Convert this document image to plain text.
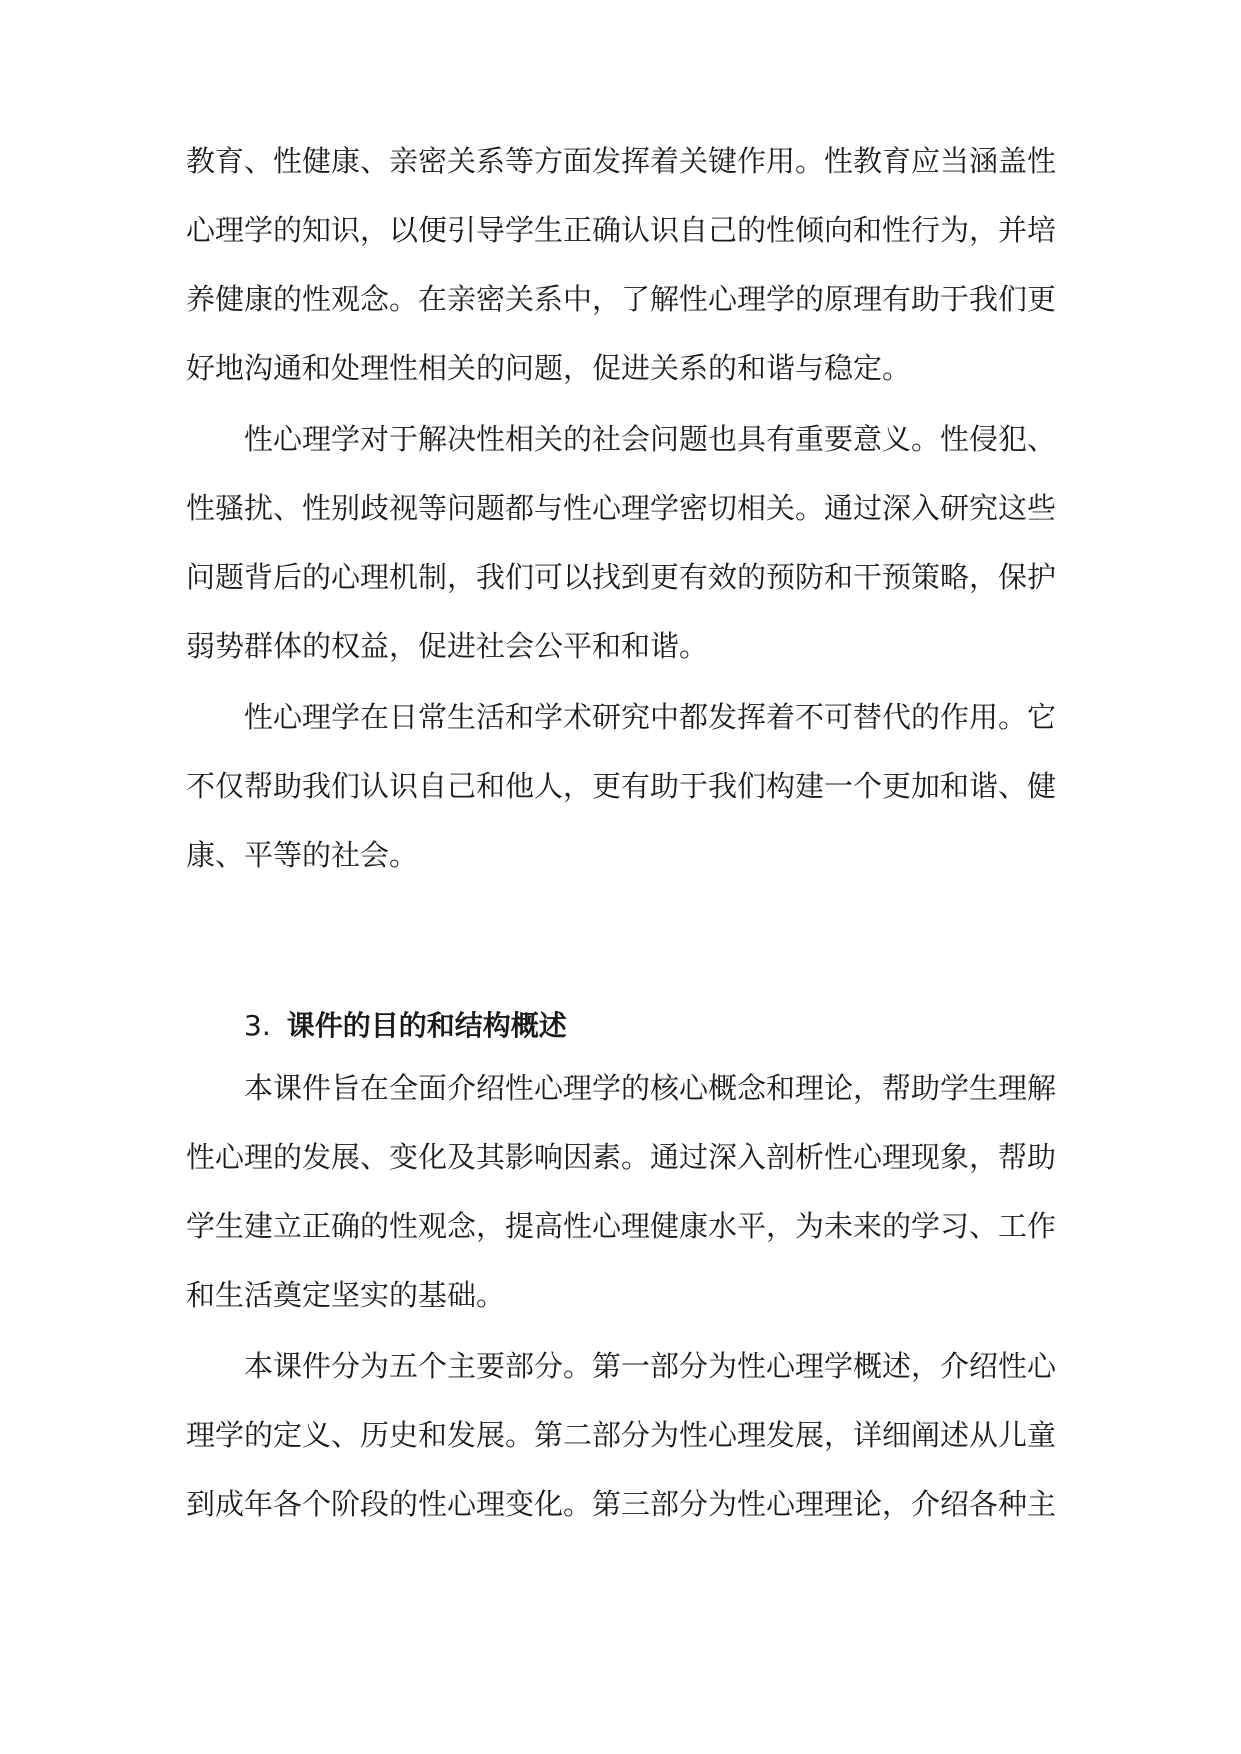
教育、性健康、亲密关系等方面发挥着关键作用。性教育应当涵盖性
心理学的知识，以便引导学生正确认识自己的性倾向和性行为，并培
养健康的性观念。在亲密关系中，了解性心理学的原理有助于我们更
好地沟通和处理性相关的问题，促进关系的和谐与稳定。
　　性心理学对于解决性相关的社会问题也具有重要意义。性侵犯、
性骚扰、性别歧视等问题都与性心理学密切相关。通过深入研究这些
问题背后的心理机制，我们可以找到更有效的预防和干预策略，保护
弱势群体的权益，促进社会公平和和谐。
　　性心理学在日常生活和学术研究中都发挥着不可替代的作用。它
不仅帮助我们认识自己和他人，更有助于我们构建一个更加和谐、健
康、平等的社会。
3. 课件的目的和结构概述
　　本课件旨在全面介绍性心理学的核心概念和理论，帮助学生理解
性心理的发展、变化及其影响因素。通过深入剖析性心理现象，帮助
学生建立正确的性观念，提高性心理健康水平，为未来的学习、工作
和生活奠定坚实的基础。
　　本课件分为五个主要部分。第一部分为性心理学概述，介绍性心
理学的定义、历史和发展。第二部分为性心理发展，详细阐述从儿童
到成年各个阶段的性心理变化。第三部分为性心理理论，介绍各种主
